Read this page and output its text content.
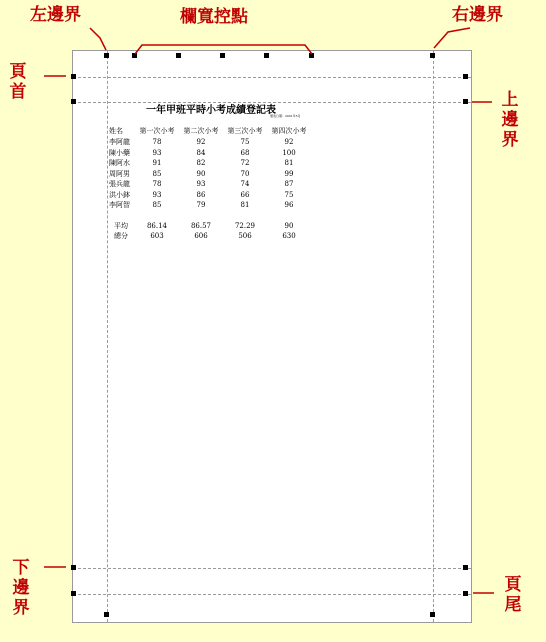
左邊界	欄寬控點	右邊界
頁首	上邊界
下邊界
頁尾
一年甲班平時小考成績登記表
製表日期：2001年5月
姓名	第一次小考	第二次小考	第三次小考	第四次小考
李阿龍	78	92	75	92
陳小藥	93	84	68	100
陳阿水	91	82	72	81
周阿男	85	90	70	99
張兵龍	78	93	74	87
洪小鉢	93	86	66	75
李阿智	85	79	81	96
平均	86.14	86.57	72.29	90
總分	603	606	506	630
